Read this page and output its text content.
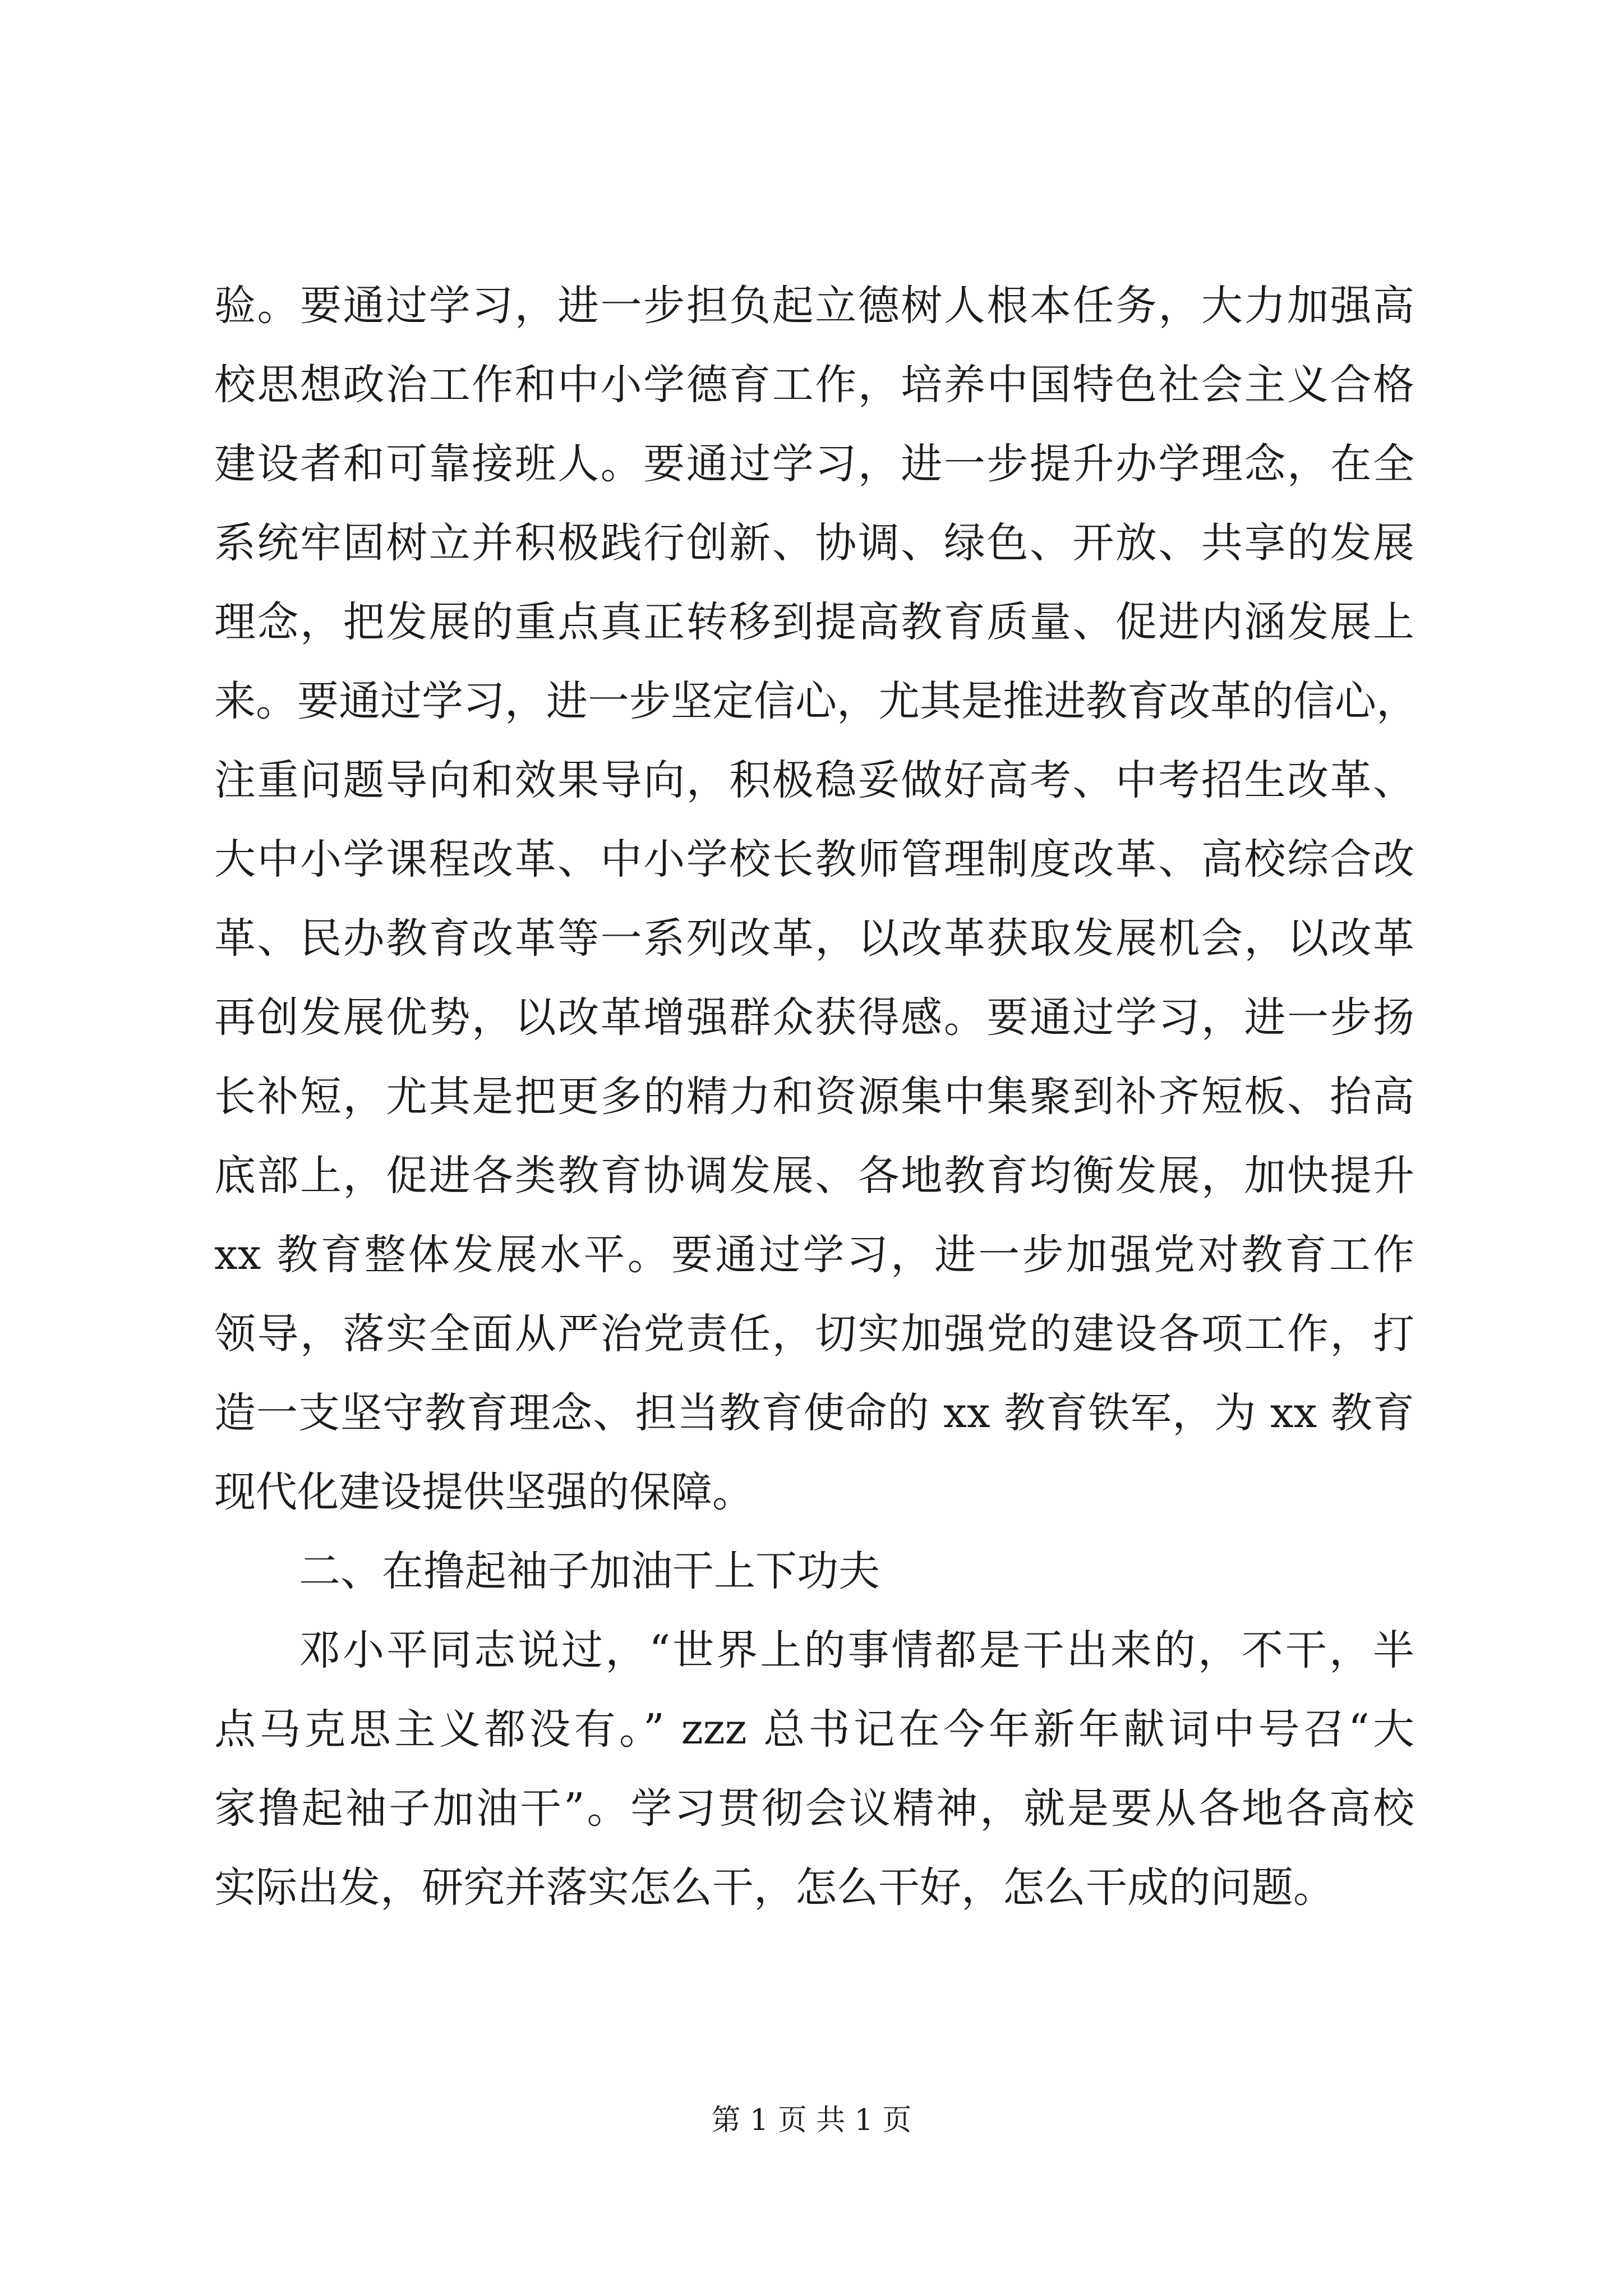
验。要通过学习，进一步担负起立德树人根本任务，大力加强高
校思想政治工作和中小学德育工作，培养中国特色社会主义合格
建设者和可靠接班人。要通过学习，进一步提升办学理念，在全
系统牢固树立并积极践行创新、协调、绿色、开放、共享的发展
理念，把发展的重点真正转移到提高教育质量、促进内涵发展上
来。要通过学习，进一步坚定信心，尤其是推进教育改革的信心，
注重问题导向和效果导向，积极稳妥做好高考、中考招生改革、
大中小学课程改革、中小学校长教师管理制度改革、高校综合改
革、民办教育改革等一系列改革，以改革获取发展机会，以改革
再创发展优势，以改革增强群众获得感。要通过学习，进一步扬
长补短，尤其是把更多的精力和资源集中集聚到补齐短板、抬高
底部上，促进各类教育协调发展、各地教育均衡发展，加快提升
xx 教育整体发展水平。要通过学习，进一步加强党对教育工作
领导，落实全面从严治党责任，切实加强党的建设各项工作，打
造一支坚守教育理念、担当教育使命的 xx 教育铁军，为 xx 教育
现代化建设提供坚强的保障。
二、在撸起袖子加油干上下功夫
邓小平同志说过，“世界上的事情都是干出来的，不干，半
点马克思主义都没有。” zzz 总书记在今年新年献词中号召“大
家撸起袖子加油干”。学习贯彻会议精神，就是要从各地各高校
实际出发，研究并落实怎么干，怎么干好，怎么干成的问题。
第 1 页 共 1 页
